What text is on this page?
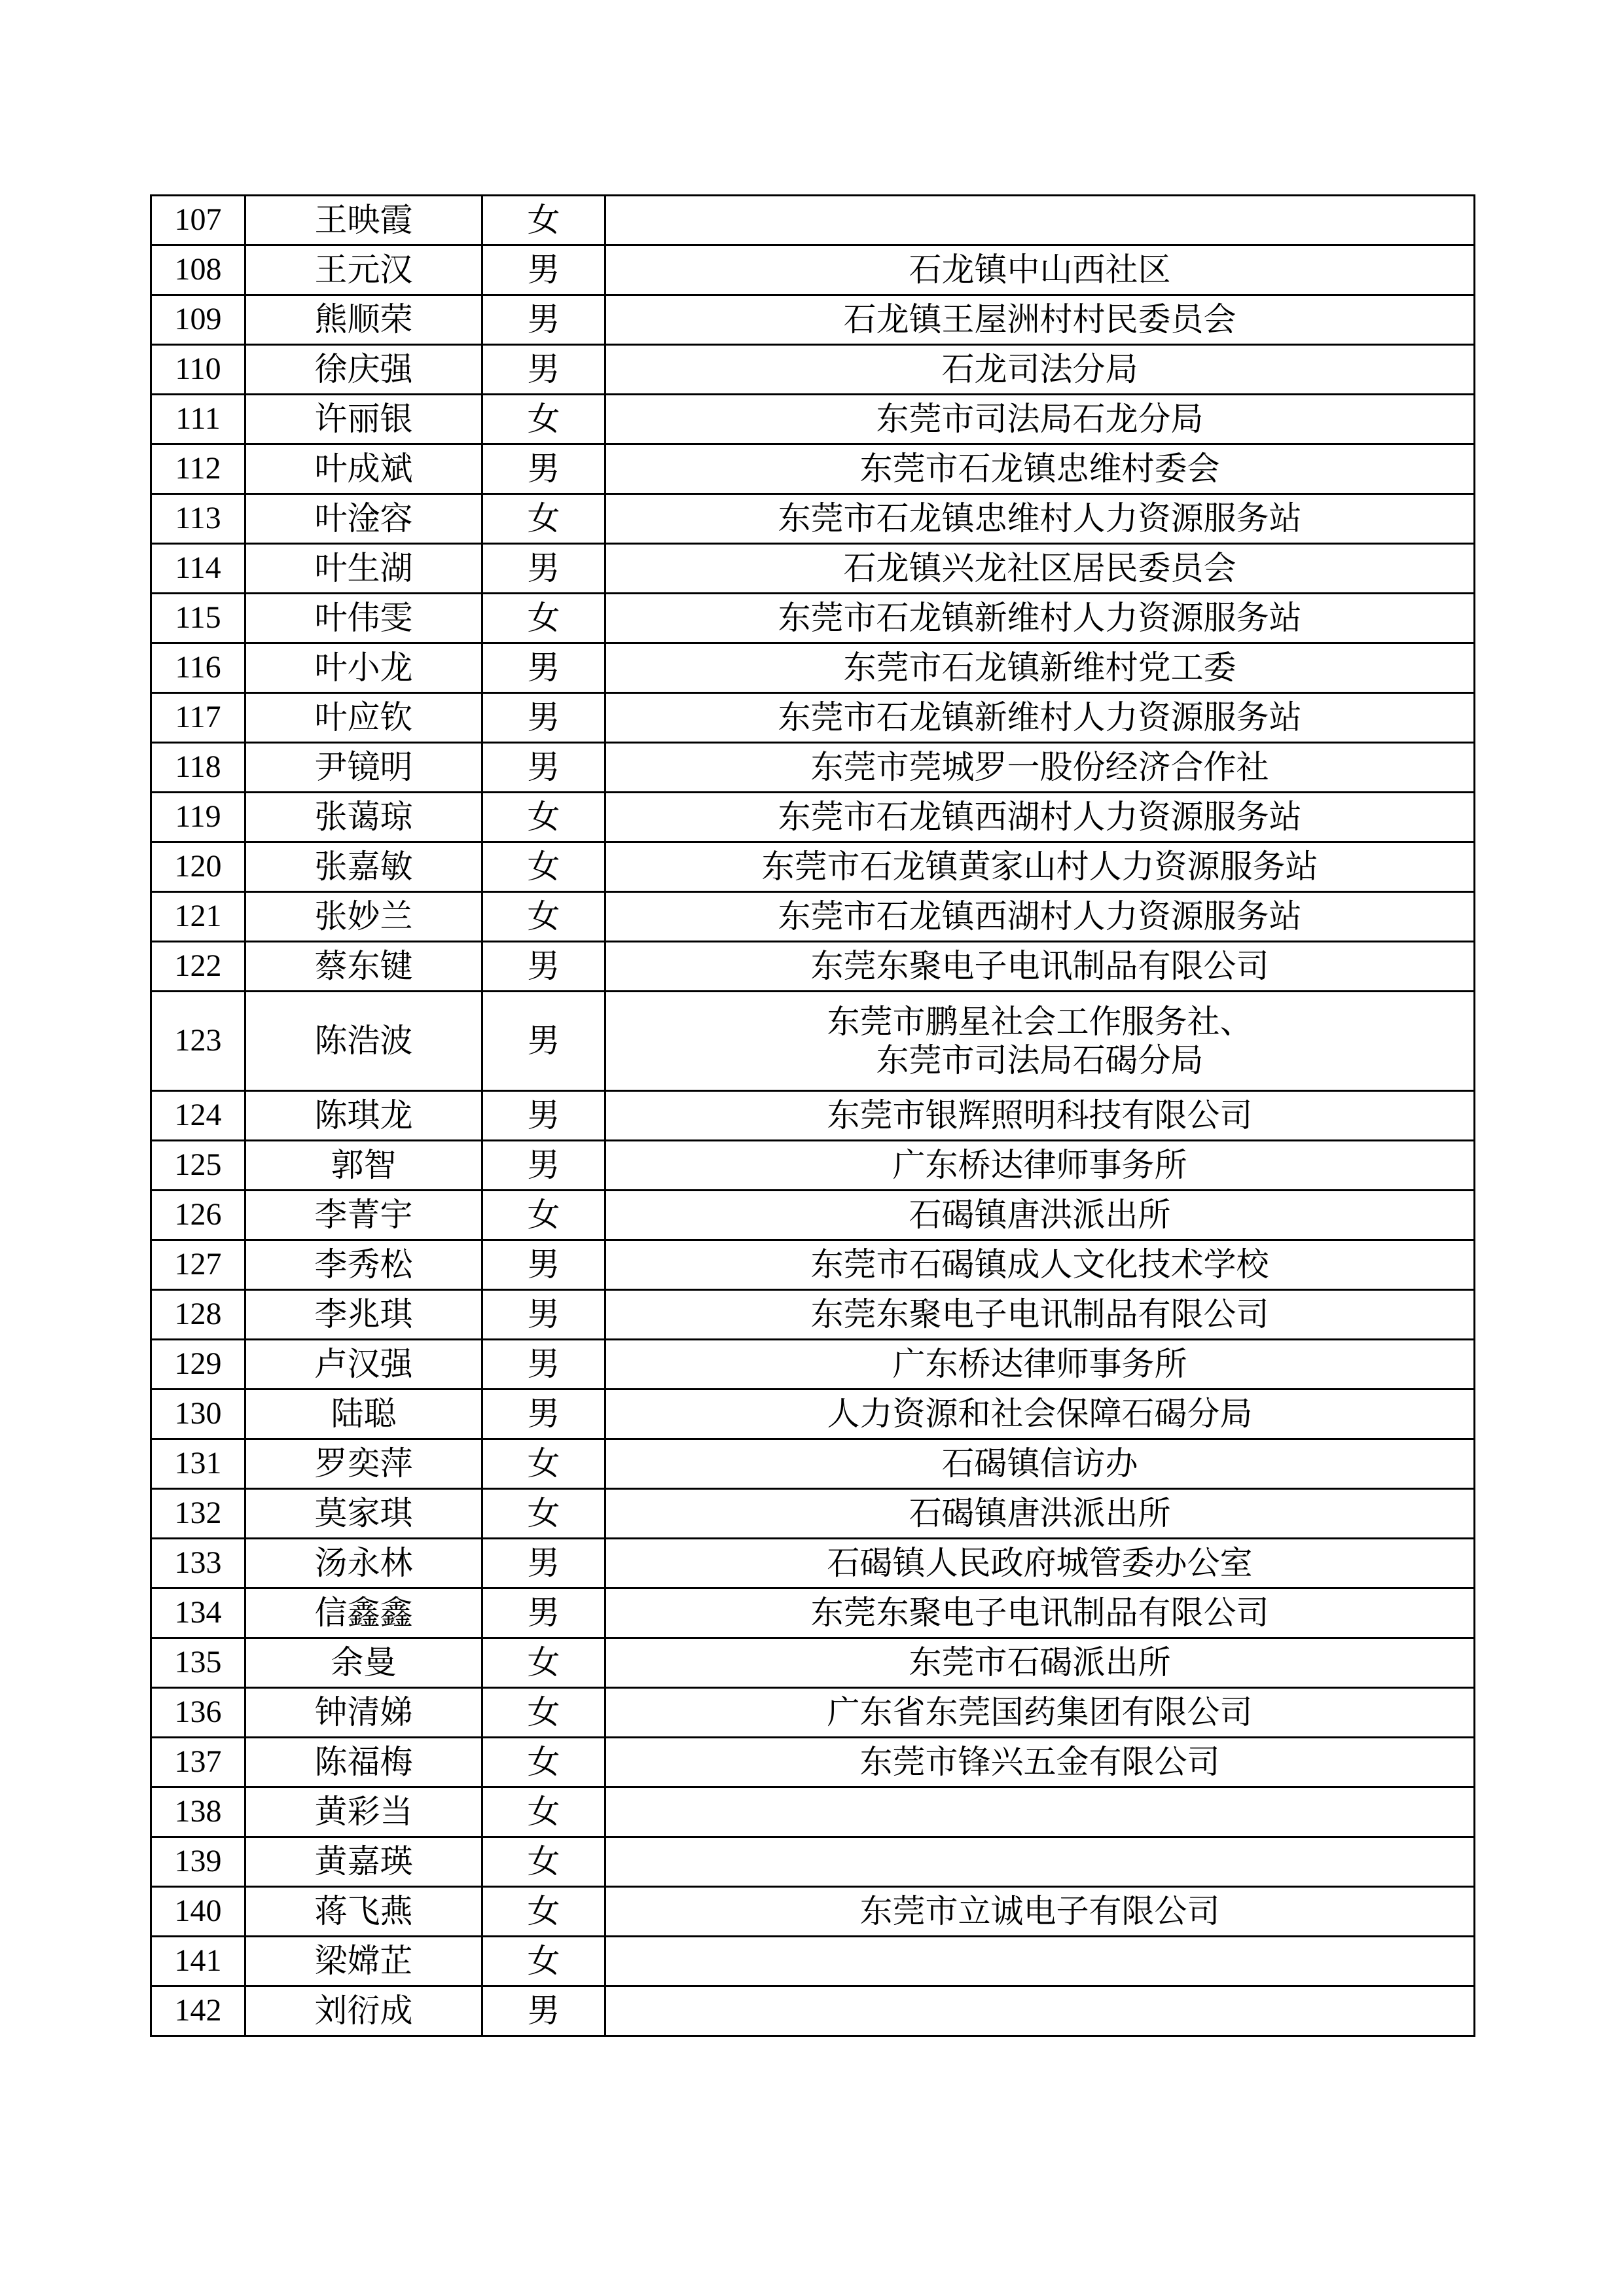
107	王映霞	女	
108	王元汉	男	石龙镇中山西社区

109	熊顺荣	男	石龙镇王屋洲村村民委员会

110	徐庆强	男	石龙司法分局

111	许丽银	女	东莞市司法局石龙分局

112	叶成斌	男	东莞市石龙镇忠维村委会

113	叶淦容	女	东莞市石龙镇忠维村人力资源服务站

114	叶生湖	男	石龙镇兴龙社区居民委员会

115	叶伟雯	女	东莞市石龙镇新维村人力资源服务站

116	叶小龙	男	东莞市石龙镇新维村党工委

117	叶应钦	男	东莞市石龙镇新维村人力资源服务站

118	尹镜明	男	东莞市莞城罗一股份经济合作社

119	张蔼琼	女	东莞市石龙镇西湖村人力资源服务站

120	张嘉敏	女	东莞市石龙镇黄家山村人力资源服务站

121	张妙兰	女	东莞市石龙镇西湖村人力资源服务站

122	蔡东键	男	东莞东聚电子电讯制品有限公司

123	陈浩波	男	东莞市鹏星社会工作服务社、
东莞市司法局石碣分局

124	陈琪龙	男	东莞市银辉照明科技有限公司

125	郭智	男	广东桥达律师事务所

126	李菁宇	女	石碣镇唐洪派出所

127	李秀松	男	东莞市石碣镇成人文化技术学校

128	李兆琪	男	东莞东聚电子电讯制品有限公司

129	卢汉强	男	广东桥达律师事务所

130	陆聪	男	人力资源和社会保障石碣分局

131	罗奕萍	女	石碣镇信访办

132	莫家琪	女	石碣镇唐洪派出所

133	汤永林	男	石碣镇人民政府城管委办公室

134	信鑫鑫	男	东莞东聚电子电讯制品有限公司

135	余曼	女	东莞市石碣派出所

136	钟清娣	女	广东省东莞国药集团有限公司

137	陈福梅	女	东莞市锋兴五金有限公司

138	黄彩当	女	
139	黄嘉瑛	女	
140	蒋飞燕	女	东莞市立诚电子有限公司

141	梁嫦芷	女	
142	刘衍成	男	
